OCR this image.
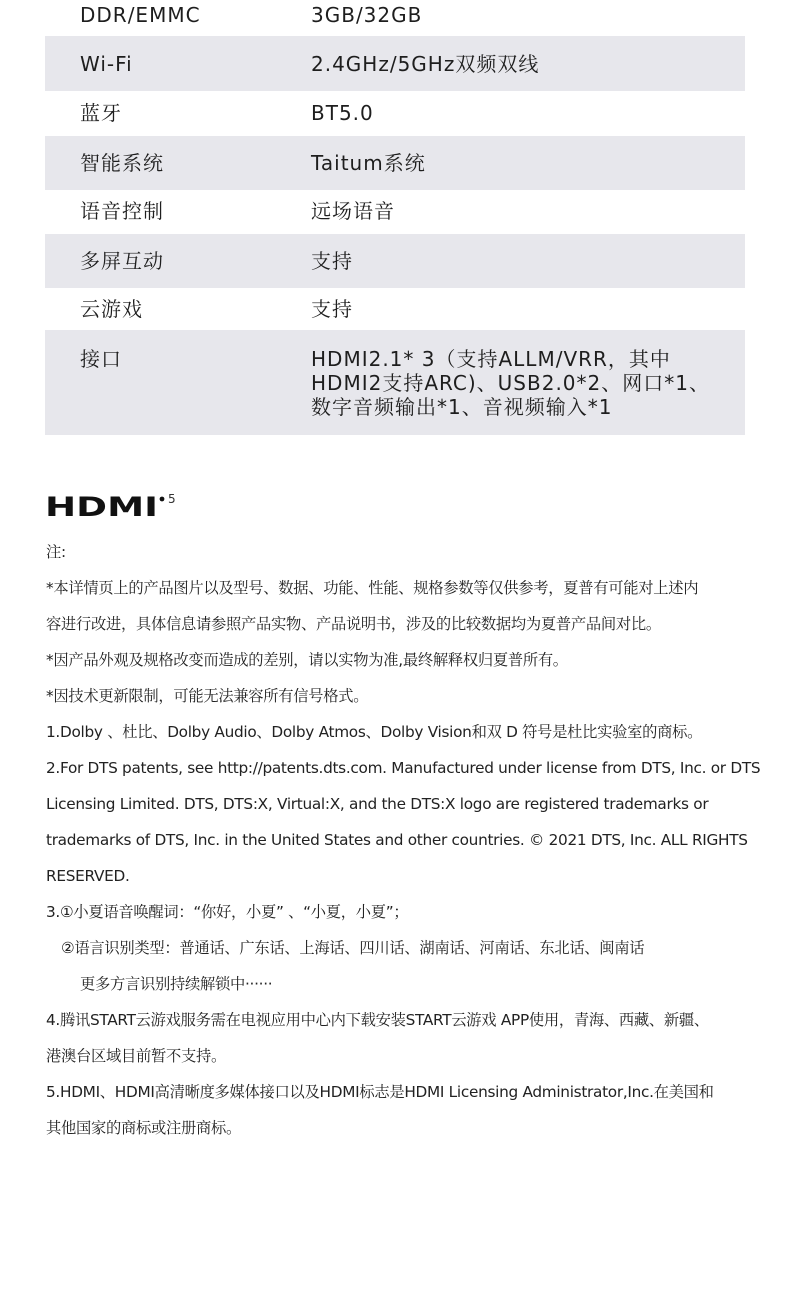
DDR/EMMC	3GB/32GB
Wi-Fi	2.4GHz/5GHz双频双线
蓝牙	BT5.0
智能系统	Taitum系统
语音控制	远场语音
多屏互动	支持
云游戏	支持
接口	HDMI2.1* 3（支持ALLM/VRR，其中
HDMI2支持ARC)、USB2.0*2、网口*1、
数字音频输出*1、音视频输入*1
HDMI 5
注:
*本详情页上的产品图片以及型号、数据、功能、性能、规格参数等仅供参考，夏普有可能对上述内
容进行改进，具体信息请参照产品实物、产品说明书，涉及的比较数据均为夏普产品间对比。
*因产品外观及规格改变而造成的差别，请以实物为准,最终解释权归夏普所有。
*因技术更新限制，可能无法兼容所有信号格式。
1.Dolby 、杜比、Dolby Audio、Dolby Atmos、Dolby Vision和双 D 符号是杜比实验室的商标。
2.For DTS patents, see http://patents.dts.com. Manufactured under license from DTS, Inc. or DTS
Licensing Limited. DTS, DTS:X, Virtual:X, and the DTS:X logo are registered trademarks or
trademarks of DTS, Inc. in the United States and other countries. © 2021 DTS, Inc. ALL RIGHTS
RESERVED.
3.①小夏语音唤醒词：“你好，小夏” 、“小夏，小夏”；
②语言识别类型：普通话、广东话、上海话、四川话、湖南话、河南话、东北话、闽南话
更多方言识别持续解锁中······
4.腾讯START云游戏服务需在电视应用中心内下载安装START云游戏 APP使用，青海、西藏、新疆、
港澳台区域目前暂不支持。
5.HDMI、HDMI高清晰度多媒体接口以及HDMI标志是HDMI Licensing Administrator,Inc.在美国和
其他国家的商标或注册商标。
